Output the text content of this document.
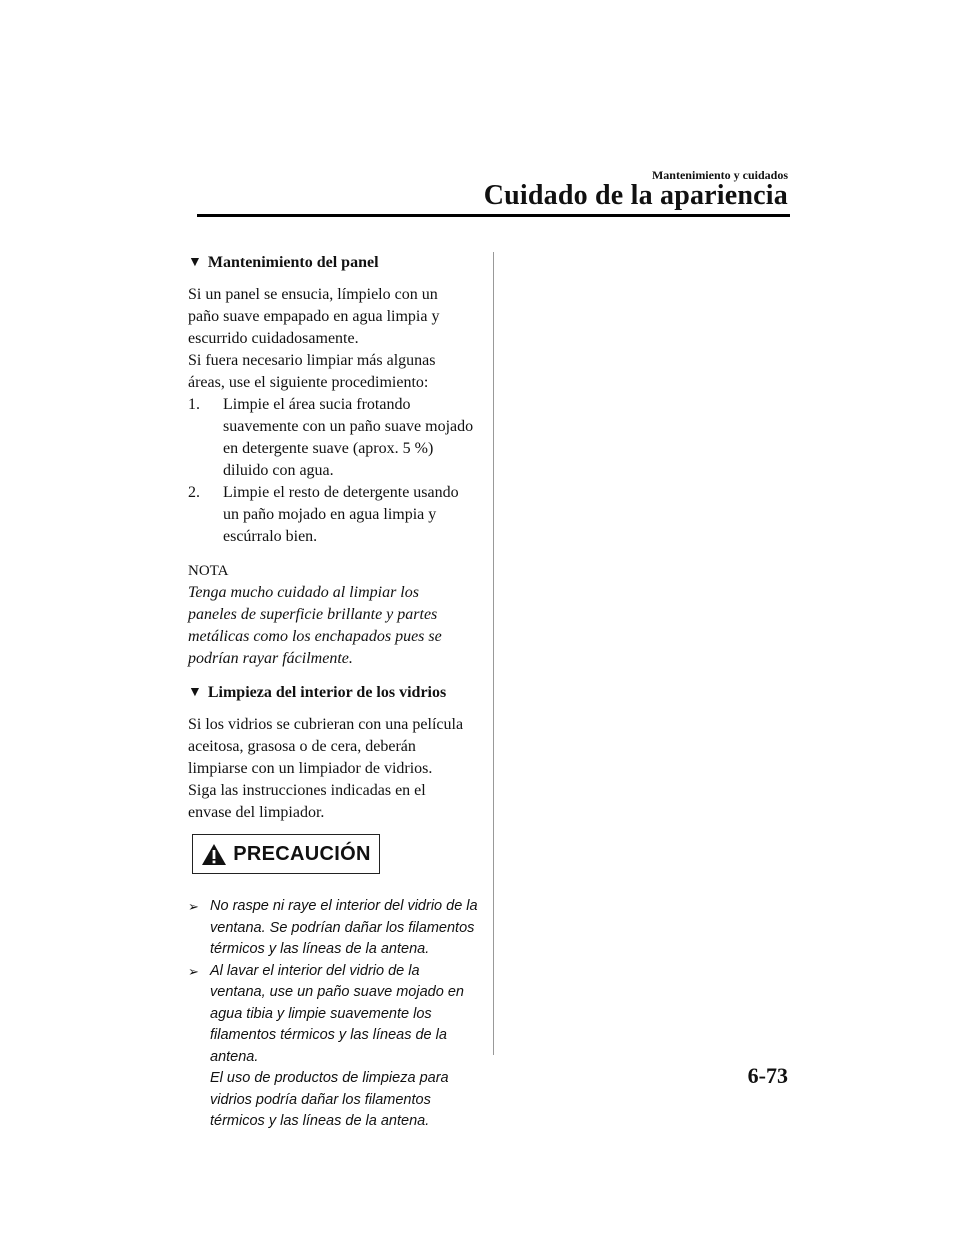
Mantenimiento y cuidados
Cuidado de la apariencia
▼ Mantenimiento del panel

Si un panel se ensucia, límpielo con un
paño suave empapado en agua limpia y
escurrido cuidadosamente.

Si fuera necesario limpiar más algunas
áreas, use el siguiente procedimiento:

1. Limpie el área sucia frotando
suavemente con un paño suave mojado
en detergente suave (aprox. 5 %)
diluido con agua.
2. Limpie el resto de detergente usando
un paño mojado en agua limpia y
escúrralo bien.

NOTA

Tenga mucho cuidado al limpiar los
paneles de superficie brillante y partes
metálicas como los enchapados pues se
podrían rayar fácilmente.

▼ Limpieza del interior de los vidrios

Si los vidrios se cubrieran con una película
aceitosa, grasosa o de cera, deberán
limpiarse con un limpiador de vidrios.
Siga las instrucciones indicadas en el
envase del limpiador.

PRECAUCIÓN
➢ No raspe ni raye el interior del vidrio de la
ventana. Se podrían dañar los filamentos
térmicos y las líneas de la antena.
➢ Al lavar el interior del vidrio de la
ventana, use un paño suave mojado en
agua tibia y limpie suavemente los
filamentos térmicos y las líneas de la
antena.
El uso de productos de limpieza para
vidrios podría dañar los filamentos
térmicos y las líneas de la antena.
6-73
